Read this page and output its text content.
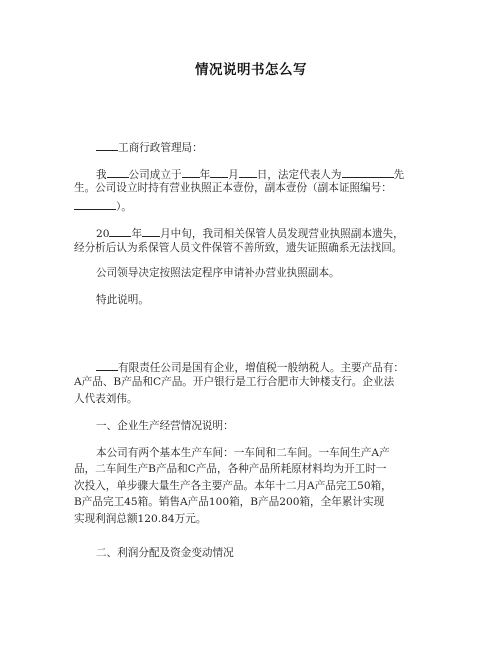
情况说明书怎么写
工商行政管理局：
我 公司成立于 年 月 日，法定代表人为	先
生。公司设立时持有营业执照正本壹份，副本壹份（副本证照编号：
）。
20 年 月中旬，我司相关保管人员发现营业执照副本遗失，
经分析后认为系保管人员文件保管不善所致，遗失证照确系无法找回。
公司领导决定按照法定程序申请补办营业执照副本。
特此说明。
有限责任公司是国有企业，增值税一般纳税人。主要产品有：
A产品、B产品和C产品。开户银行是工行合肥市大钟楼支行。企业法
人代表刘伟。
一、企业生产经营情况说明：
本公司有两个基本生产车间：一车间和二车间。一车间生产A产
品，二车间生产B产品和C产品，各种产品所耗原材料均为开工时一
次投入，单步骤大量生产各主要产品。本年十二月A产品完工50箱，
B产品完工45箱。销售A产品100箱，B产品200箱，全年累计实现
实现利润总额120.84万元。
二、利润分配及资金变动情况
